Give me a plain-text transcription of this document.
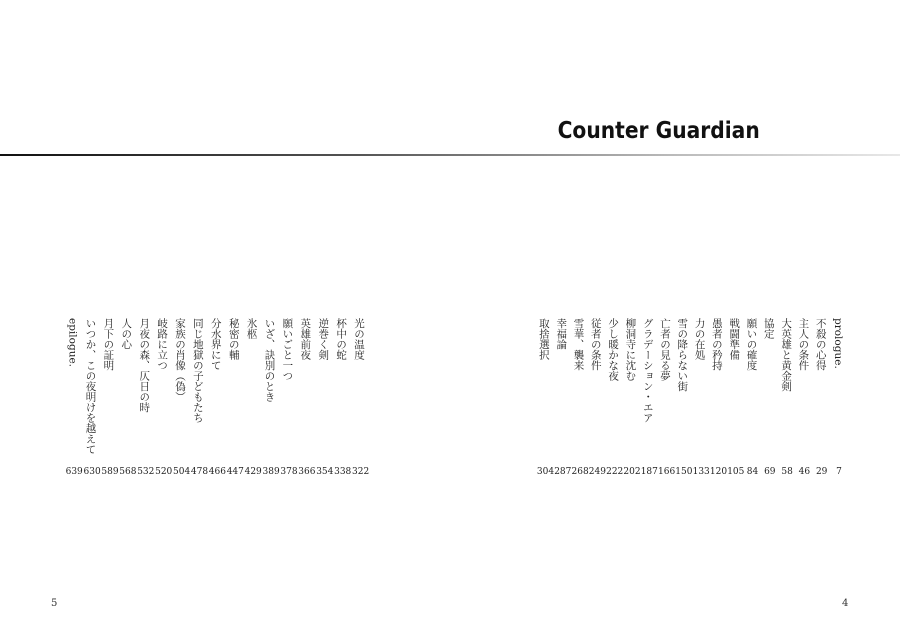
Counter Guardian
光の温度
杯中の蛇
逆巻く剣
英雄前夜
願いごと一つ
いざ、訣別のとき
氷柩
秘密の輔
分水界にて
同じ地獄の子どもたち
家族の肖像（偽）
岐路に立つ
月夜の森、仄日の時
人の心
月下の証明
いつか、この夜明けを越えて
epilogue.
322
338
354
366
378
389
429
447
466
478
504
520
532
568
589
630
639
prologue.
不殺の心得
主人の条件
大英雄と黄金剣
協定
願いの確度
戦闘準備
愚者の矜持
力の在処
雪の降らない街
亡者の見る夢
グラデーション・エア
柳洞寺に沈む
少し暖かな夜
従者の条件
雪華、襲来
幸福論
取捨選択
7
29
46
58
69
84
105
120
133
150
166
187
202
222
249
268
287
304
5	4
